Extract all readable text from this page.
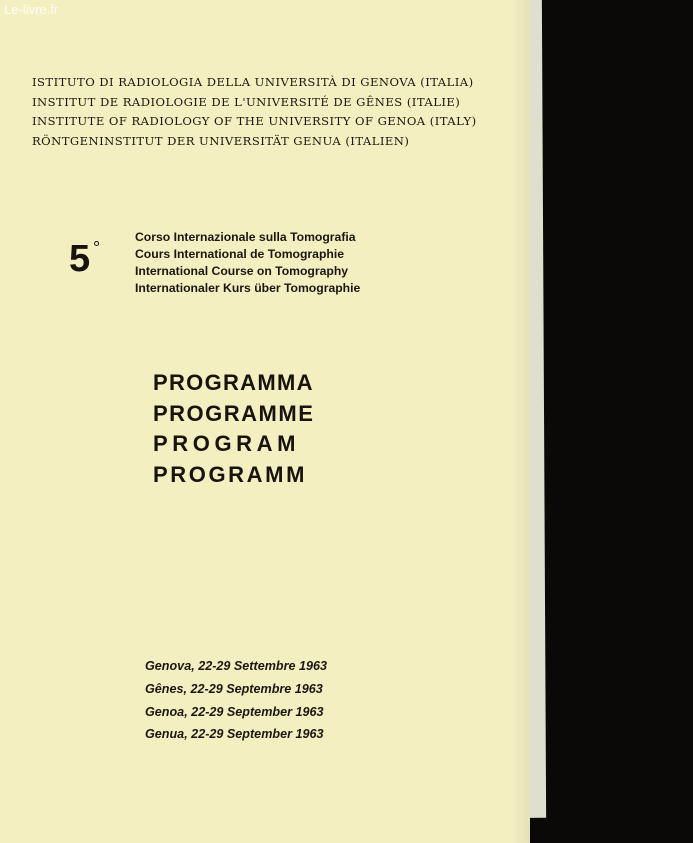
Le-livre.fr
ISTITUTO DI RADIOLOGIA DELLA UNIVERSITÀ DI GENOVA (ITALIA)
INSTITUT DE RADIOLOGIE DE L'UNIVERSITÉ DE GÊNES (ITALIE)
INSTITUTE OF RADIOLOGY OF THE UNIVERSITY OF GENOA (ITALY)
RÖNTGENINSTITUT DER UNIVERSITÄT GENUA (ITALIEN)
5 °
Corso Internazionale sulla Tomografia
Cours International de Tomographie
International Course on Tomography
Internationaler Kurs über Tomographie
PROGRAMMA
PROGRAMME
PROGRAM
PROGRAMM
Genova, 22-29 Settembre 1963
Gênes, 22-29 Septembre 1963
Genoa, 22-29 September 1963
Genua, 22-29 September 1963
